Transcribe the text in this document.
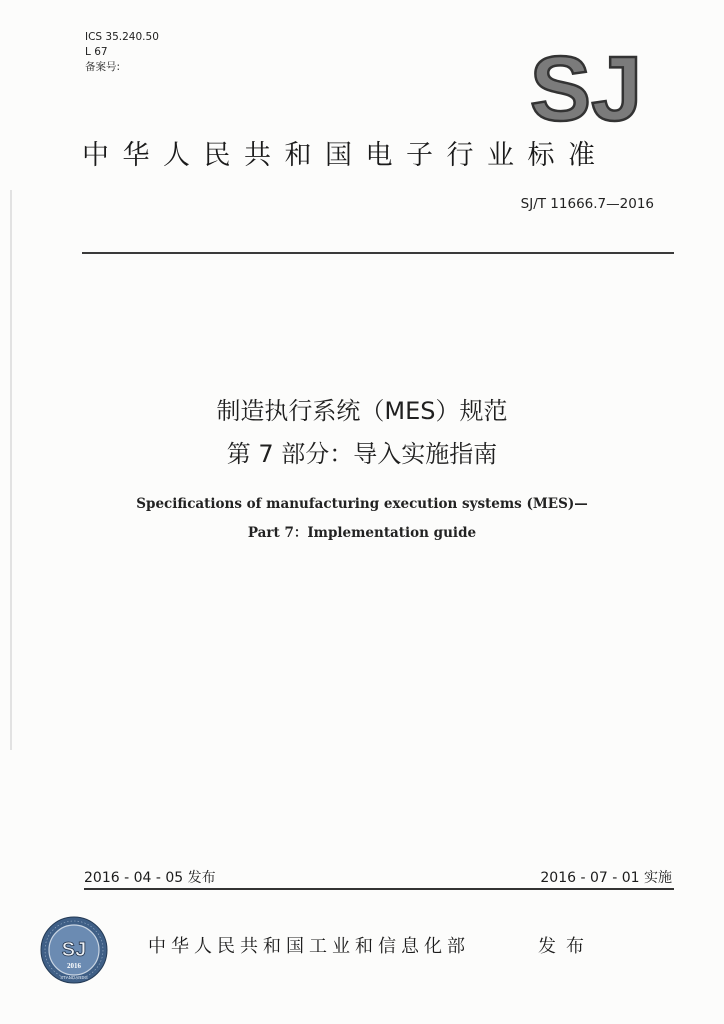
ICS 35.240.50
L 67
备案号:	SJ
中华人民共和国电子行业标准
SJ/T 11666.7—2016
制造执行系统（MES）规范
第 7 部分：导入实施指南
Specifications of manufacturing execution systems (MES)—
Part 7：Implementation guide
2016 - 04 - 05 发布	2016 - 07 - 01 实施
SJ
2016
STANDARDS
中华人民共和国工业和信息化部	发布
